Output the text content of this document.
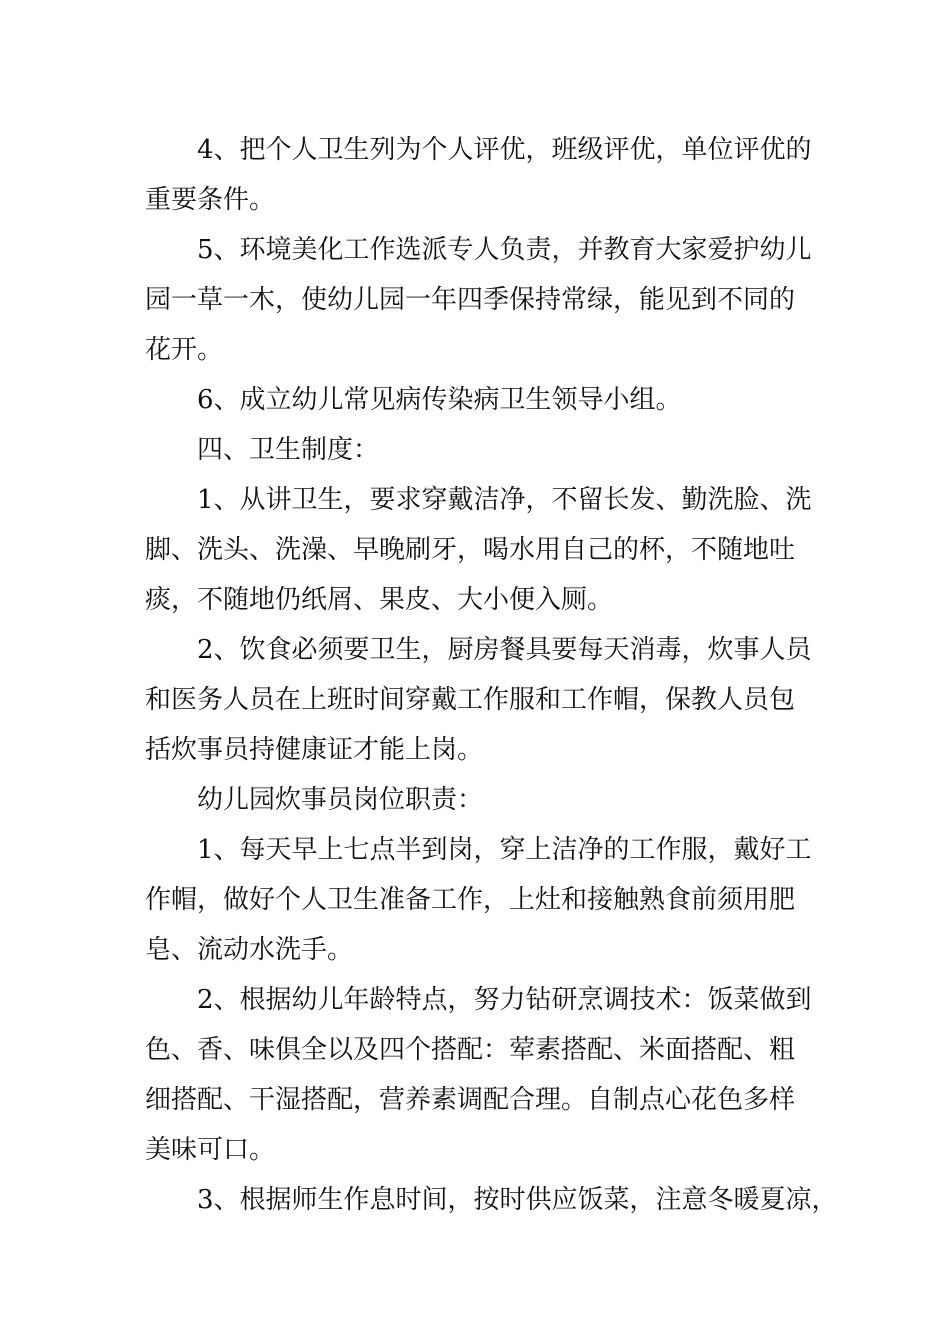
　　4、把个人卫生列为个人评优，班级评优，单位评优的
重要条件。
　　5、环境美化工作选派专人负责，并教育大家爱护幼儿
园一草一木，使幼儿园一年四季保持常绿，能见到不同的
花开。
　　6、成立幼儿常见病传染病卫生领导小组。
　　四、卫生制度：
　　1、从讲卫生，要求穿戴洁净，不留长发、勤洗脸、洗
脚、洗头、洗澡、早晚刷牙，喝水用自己的杯，不随地吐
痰，不随地仍纸屑、果皮、大小便入厕。
　　2、饮食必须要卫生，厨房餐具要每天消毒，炊事人员
和医务人员在上班时间穿戴工作服和工作帽，保教人员包
括炊事员持健康证才能上岗。
　　幼儿园炊事员岗位职责：
　　1、每天早上七点半到岗，穿上洁净的工作服，戴好工
作帽，做好个人卫生准备工作，上灶和接触熟食前须用肥
皂、流动水洗手。
　　2、根据幼儿年龄特点，努力钻研烹调技术：饭菜做到
色、香、味俱全以及四个搭配：荤素搭配、米面搭配、粗
细搭配、干湿搭配，营养素调配合理。自制点心花色多样
美味可口。
　　3、根据师生作息时间，按时供应饭菜，注意冬暖夏凉，
